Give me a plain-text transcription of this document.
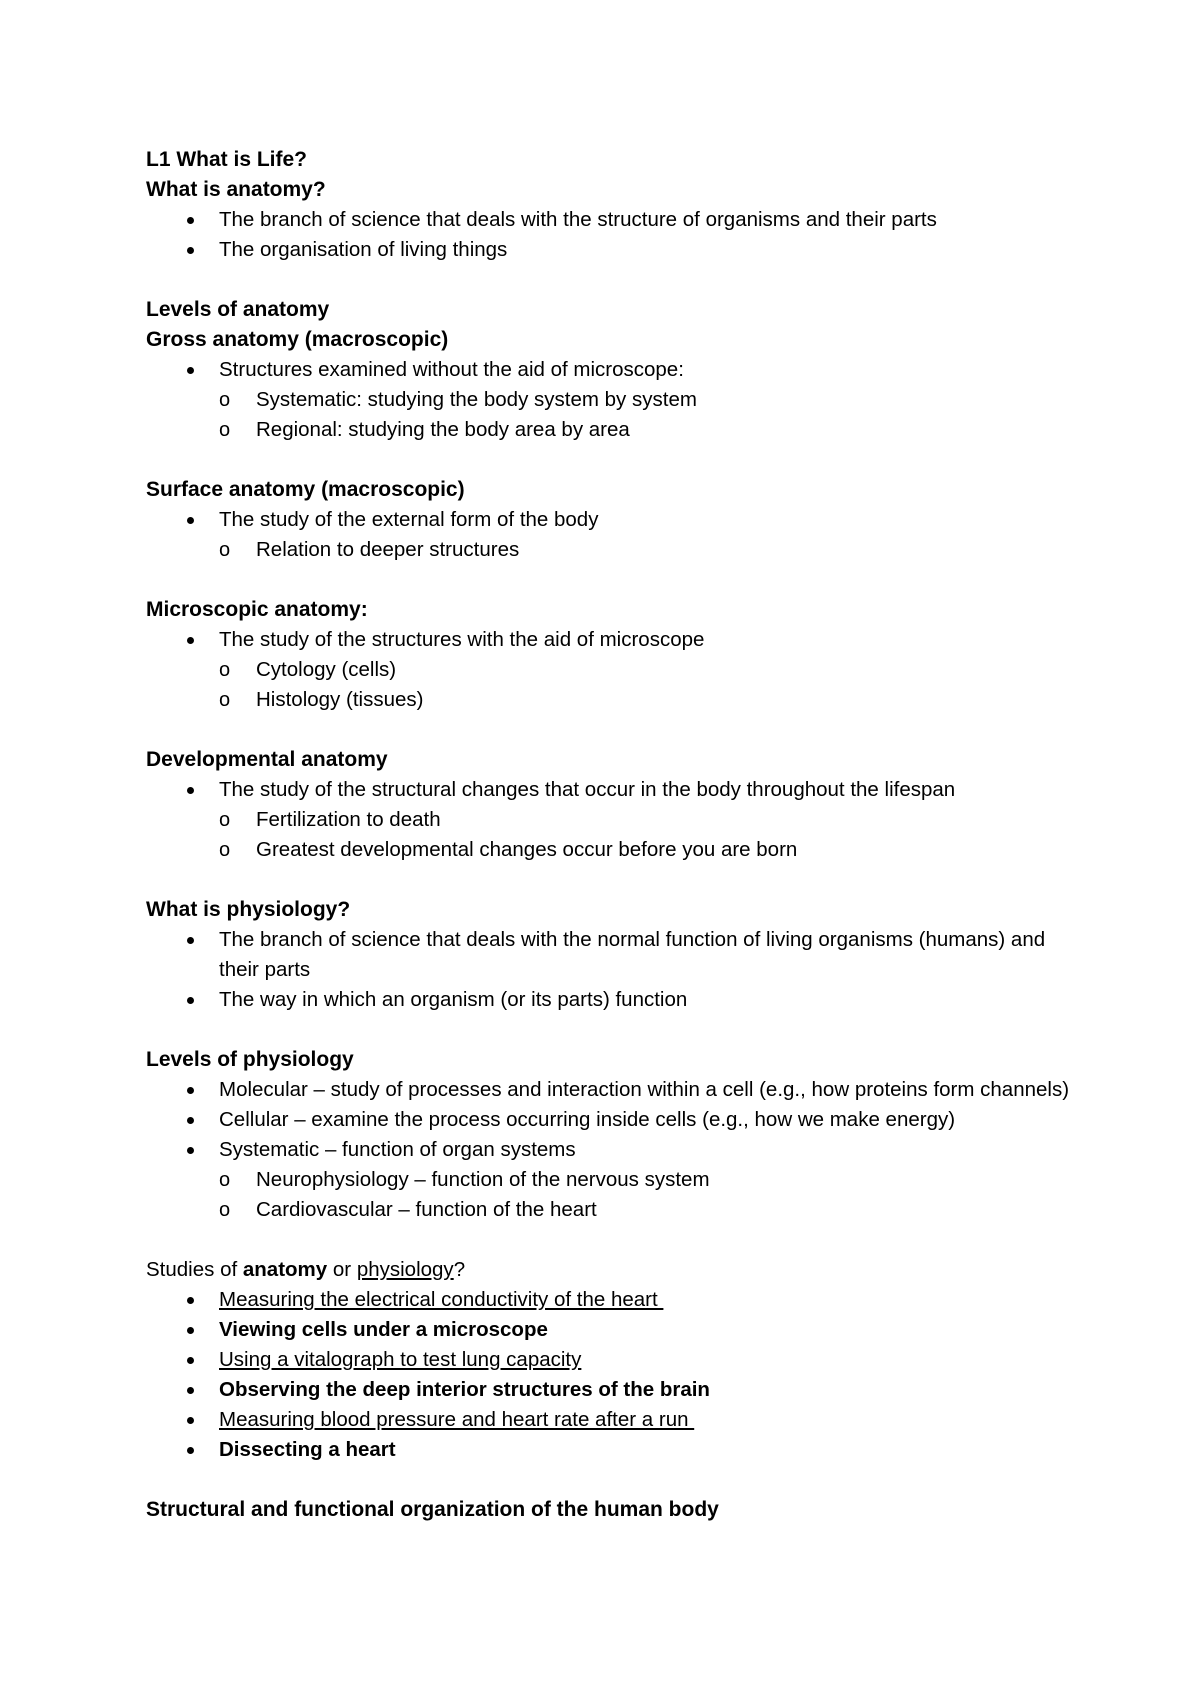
L1 What is Life?
What is anatomy?
The branch of science that deals with the structure of organisms and their parts
The organisation of living things
Levels of anatomy
Gross anatomy (macroscopic)
Structures examined without the aid of microscope:
o Systematic: studying the body system by system
o Regional: studying the body area by area
Surface anatomy (macroscopic)
The study of the external form of the body
o Relation to deeper structures
Microscopic anatomy:
The study of the structures with the aid of microscope
o Cytology (cells)
o Histology (tissues)
Developmental anatomy
The study of the structural changes that occur in the body throughout the lifespan
o Fertilization to death
o Greatest developmental changes occur before you are born
What is physiology?
The branch of science that deals with the normal function of living organisms (humans) and their parts
The way in which an organism (or its parts) function
Levels of physiology
Molecular – study of processes and interaction within a cell (e.g., how proteins form channels)
Cellular – examine the process occurring inside cells (e.g., how we make energy)
Systematic – function of organ systems
o Neurophysiology – function of the nervous system
o Cardiovascular – function of the heart
Studies of anatomy or physiology?
Measuring the electrical conductivity of the heart
Viewing cells under a microscope
Using a vitalograph to test lung capacity
Observing the deep interior structures of the brain
Measuring blood pressure and heart rate after a run
Dissecting a heart
Structural and functional organization of the human body
